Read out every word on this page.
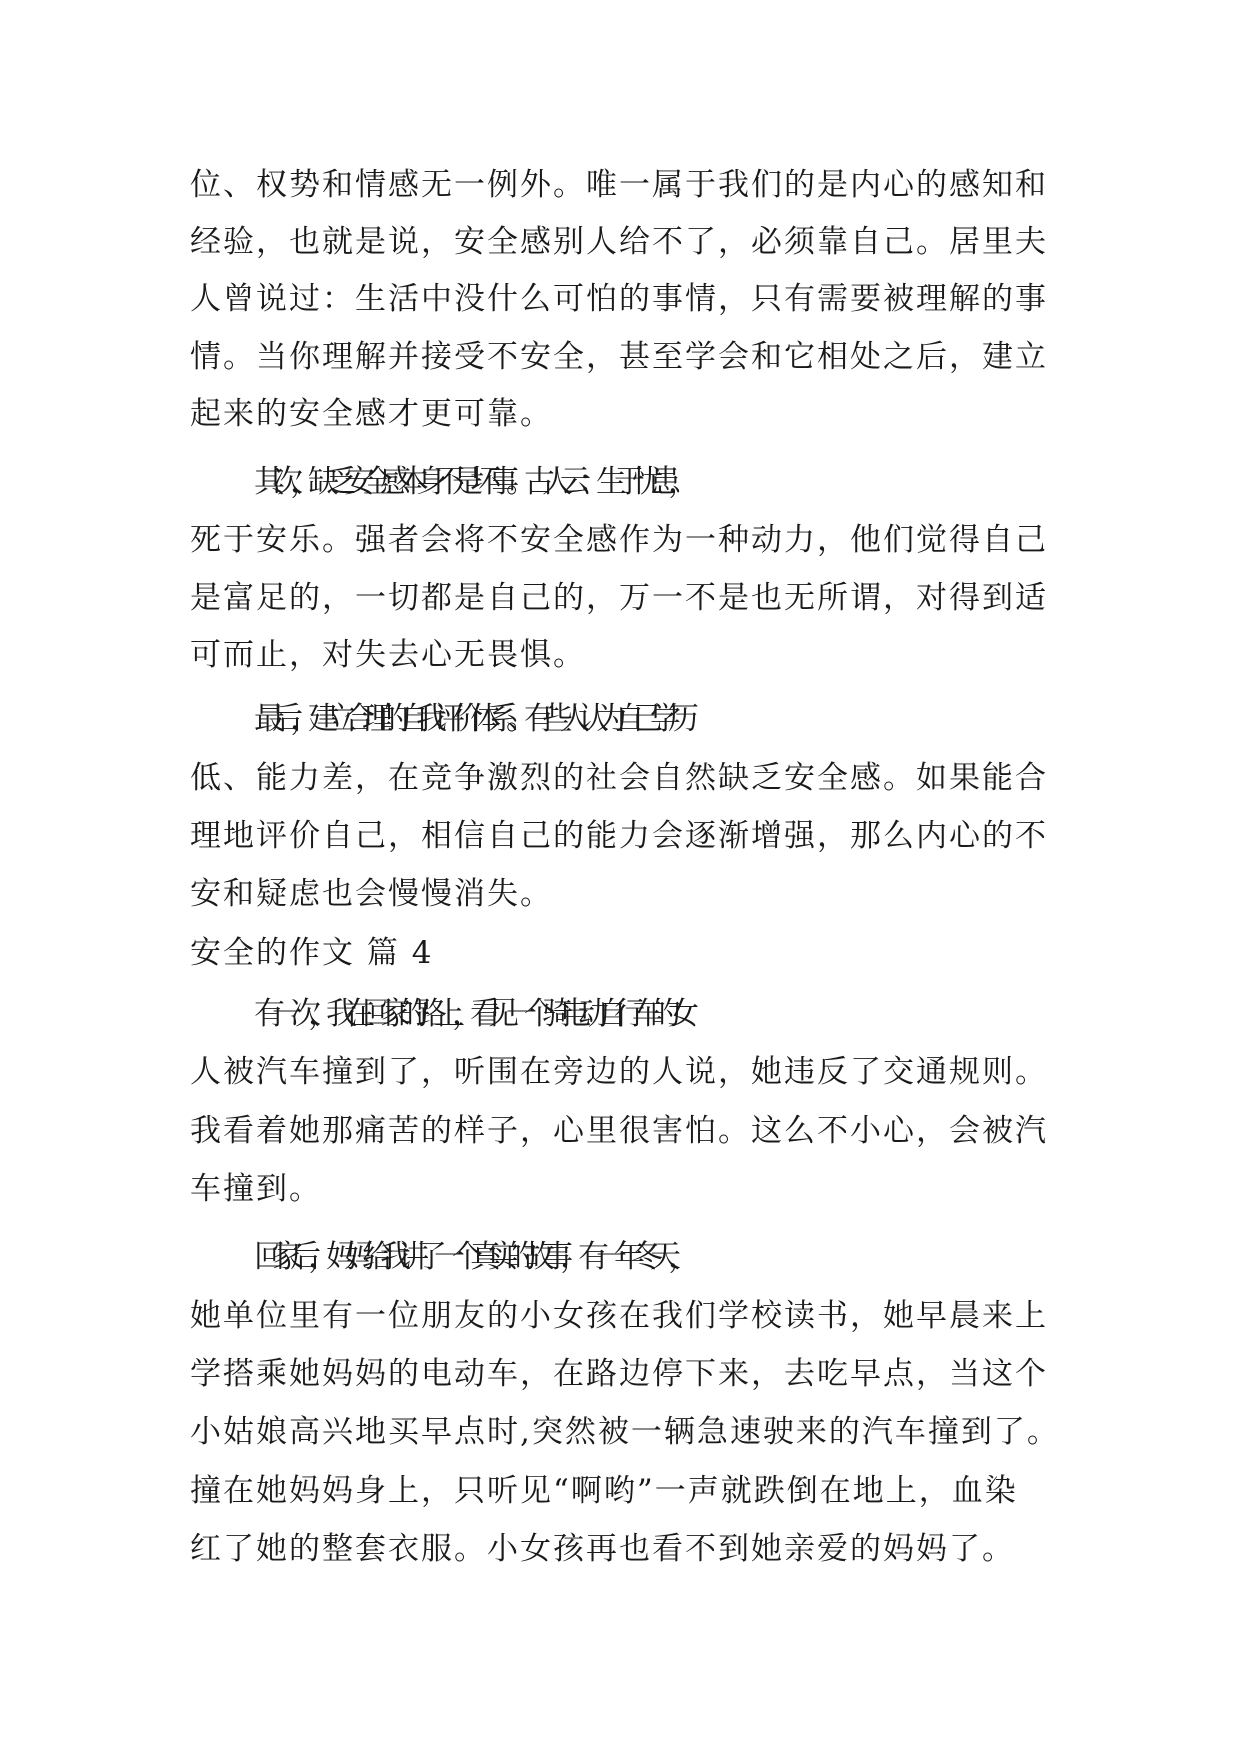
位、权势和情感无一例外。唯一属于我们的是内心的感知和
经验，也就是说，安全感别人给不了，必须靠自己。居里夫
人曾说过：生活中没什么可怕的事情，只有需要被理解的事
情。当你理解并接受不安全，甚至学会和它相处之后，建立
起来的安全感才更可靠。
其次，缺乏安全感本身不是坏事。古人云：生于忧患，
死于安乐。强者会将不安全感作为一种动力，他们觉得自己
是富足的，一切都是自己的，万一不是也无所谓，对得到适
可而止，对失去心无畏惧。
最后，建立合理的自我评价体系。有些人认为自己学历
低、能力差，在竞争激烈的社会自然缺乏安全感。如果能合
理地评价自己，相信自己的能力会逐渐增强，那么内心的不
安和疑虑也会慢慢消失。
安全的作文 篇 4
有一次，我在回家的路上，看见一个骑电动自行车的女
人被汽车撞到了，听围在旁边的人说，她违反了交通规则。
我看着她那痛苦的样子，心里很害怕。这么不小心，会被汽
车撞到。
回家后，妈妈给我讲了一个真实的故事，有一年冬天，
她单位里有一位朋友的小女孩在我们学校读书，她早晨来上
学搭乘她妈妈的电动车，在路边停下来，去吃早点，当这个
小姑娘高兴地买早点时,突然被一辆急速驶来的汽车撞到了。
撞在她妈妈身上，只听见“啊哟”一声就跌倒在地上，血染
红了她的整套衣服。小女孩再也看不到她亲爱的妈妈了。
